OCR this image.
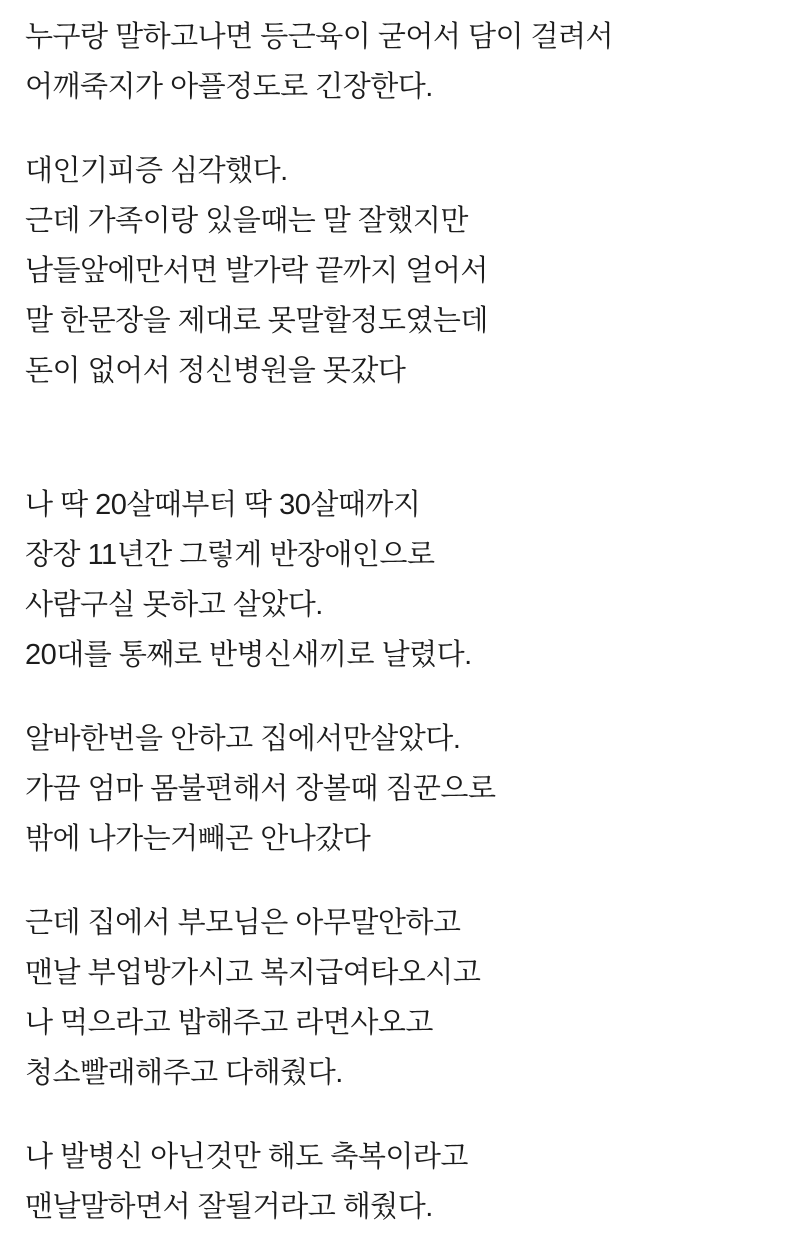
누구랑 말하고나면 등근육이 굳어서 담이 걸려서
어깨죽지가 아플정도로 긴장한다.
대인기피증 심각했다.
근데 가족이랑 있을때는 말 잘했지만
남들앞에만서면 발가락 끝까지 얼어서
말 한문장을 제대로 못말할정도였는데
돈이 없어서 정신병원을 못갔다
나 딱 20살때부터 딱 30살때까지
장장 11년간 그렇게 반장애인으로
사람구실 못하고 살았다.
20대를 통째로 반병신새끼로 날렸다.
알바한번을 안하고 집에서만살았다.
가끔 엄마 몸불편해서 장볼때 짐꾼으로
밖에 나가는거빼곤 안나갔다
근데 집에서 부모님은 아무말안하고
맨날 부업방가시고 복지급여타오시고
나 먹으라고 밥해주고 라면사오고
청소빨래해주고 다해줬다.
나 발병신 아닌것만 해도 축복이라고
맨날말하면서 잘될거라고 해줬다.
